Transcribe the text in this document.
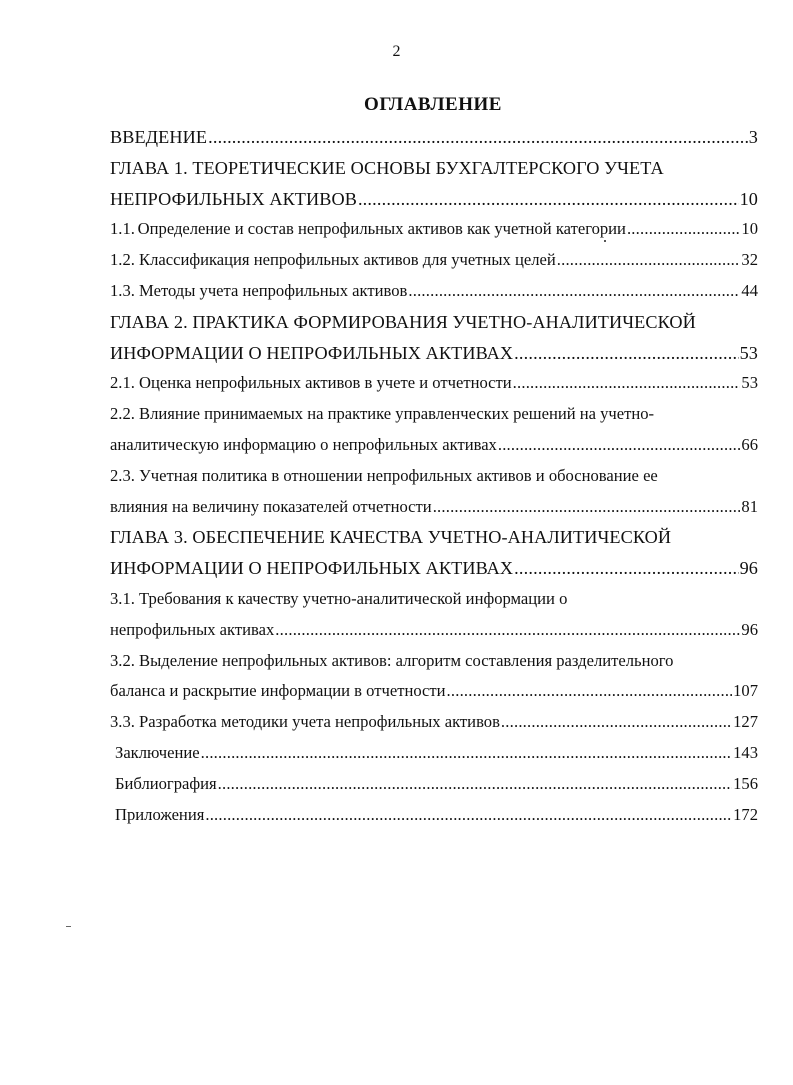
2
ОГЛАВЛЕНИЕ
ВВЕДЕНИЕ .....	3
ГЛАВА 1. ТЕОРЕТИЧЕСКИЕ ОСНОВЫ БУХГАЛТЕРСКОГО УЧЕТА
НЕПРОФИЛЬНЫХ АКТИВОВ .....	10
1.1. Определение и состав непрофильных активов как учетной категории .....	10
1.2. Классификация непрофильных активов для учетных целей .....	32
1.3. Методы учета непрофильных активов .....	44
ГЛАВА 2. ПРАКТИКА ФОРМИРОВАНИЯ УЧЕТНО-АНАЛИТИЧЕСКОЙ
ИНФОРМАЦИИ О НЕПРОФИЛЬНЫХ АКТИВАХ .....	53
2.1. Оценка непрофильных активов в учете и отчетности .....	53
2.2. Влияние принимаемых на практике управленческих решений на учетно-
аналитическую информацию о непрофильных активах .....	66
2.3. Учетная политика в отношении непрофильных активов и обоснование ее
влияния на величину показателей отчетности .....	81
ГЛАВА 3. ОБЕСПЕЧЕНИЕ КАЧЕСТВА УЧЕТНО-АНАЛИТИЧЕСКОЙ
ИНФОРМАЦИИ О НЕПРОФИЛЬНЫХ АКТИВАХ .....	96
3.1. Требования к качеству учетно-аналитической информации о
непрофильных активах .....	96
3.2. Выделение непрофильных активов: алгоритм составления разделительного
баланса и раскрытие информации в отчетности .....	107
3.3. Разработка методики учета непрофильных активов .....	127
Заключение .....	143
Библиография .....	156
Приложения .....	172
